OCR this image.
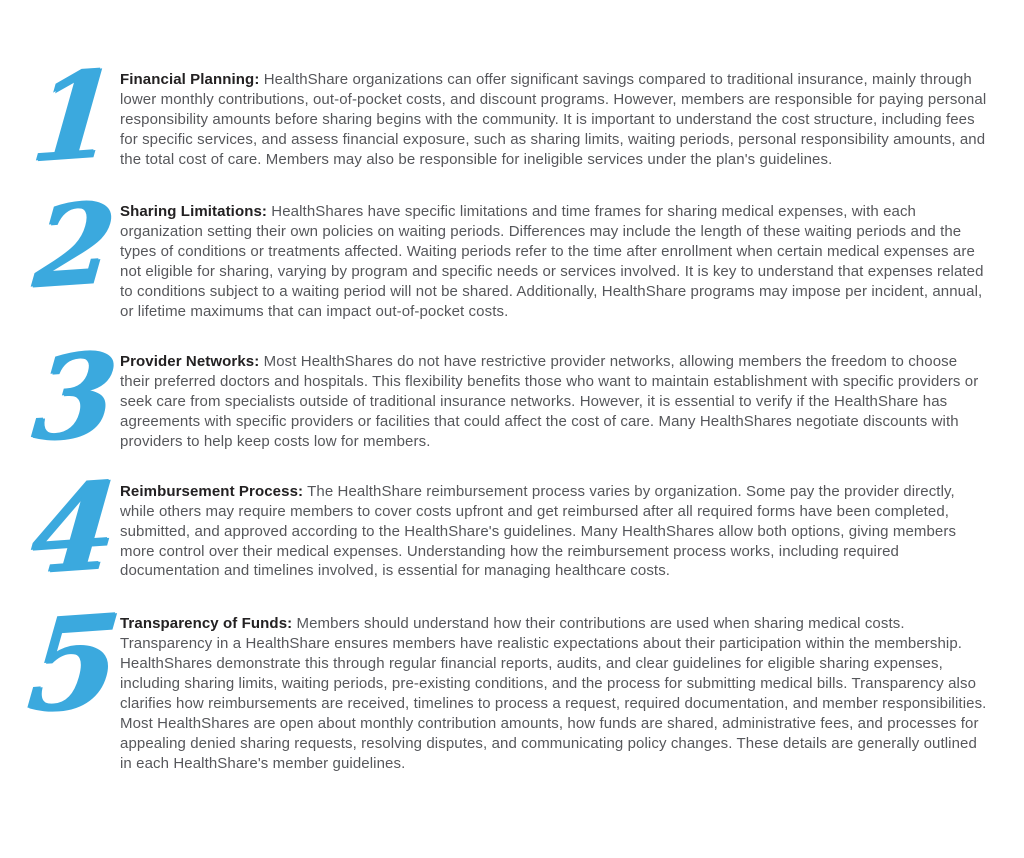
1

Financial Planning: HealthShare organizations can offer significant savings compared to traditional insurance, mainly through lower monthly contributions, out-of-pocket costs, and discount programs. However, members are responsible for paying personal responsibility amounts before sharing begins with the community. It is important to understand the cost structure, including fees for specific services, and assess financial exposure, such as sharing limits, waiting periods, personal responsibility amounts, and the total cost of care. Members may also be responsible for ineligible services under the plan's guidelines.

2 Sharing Limitations: HealthShares have specific limitations and time frames for sharing medical expenses, with each organization setting their own policies on waiting periods. Differences may include the length of these waiting periods and the types of conditions or treatments affected. Waiting periods refer to the time after enrollment when certain medical expenses are not eligible for sharing, varying by program and specific needs or services involved. It is key to understand that expenses related to conditions subject to a waiting period will not be shared. Additionally, HealthShare programs may impose per incident, annual, or lifetime maximums that can impact out-of-pocket costs.

3 Provider Networks: Most HealthShares do not have restrictive provider networks, allowing members the freedom to choose their preferred doctors and hospitals. This flexibility benefits those who want to maintain establishment with specific providers or seek care from specialists outside of traditional insurance networks. However, it is essential to verify if the HealthShare has agreements with specific providers or facilities that could affect the cost of care. Many HealthShares negotiate discounts with providers to help keep costs low for members.

4

Reimbursement Process: The HealthShare reimbursement process varies by organization. Some pay the provider directly, while others may require members to cover costs upfront and get reimbursed after all required forms have been completed, submitted, and approved according to the HealthShare's guidelines. Many HealthShares allow both options, giving members more control over their medical expenses. Understanding how the reimbursement process works, including required documentation and timelines involved, is essential for managing healthcare costs.

5

Transparency of Funds: Members should understand how their contributions are used when sharing medical costs. Transparency in a HealthShare ensures members have realistic expectations about their participation within the membership. HealthShares demonstrate this through regular financial reports, audits, and clear guidelines for eligible sharing expenses, including sharing limits, waiting periods, pre-existing conditions, and the process for submitting medical bills. Transparency also clarifies how reimbursements are received, timelines to process a request, required documentation, and member responsibilities. Most HealthShares are open about monthly contribution amounts, how funds are shared, administrative fees, and processes for appealing denied sharing requests, resolving disputes, and communicating policy changes. These details are generally outlined in each HealthShare's member guidelines.
